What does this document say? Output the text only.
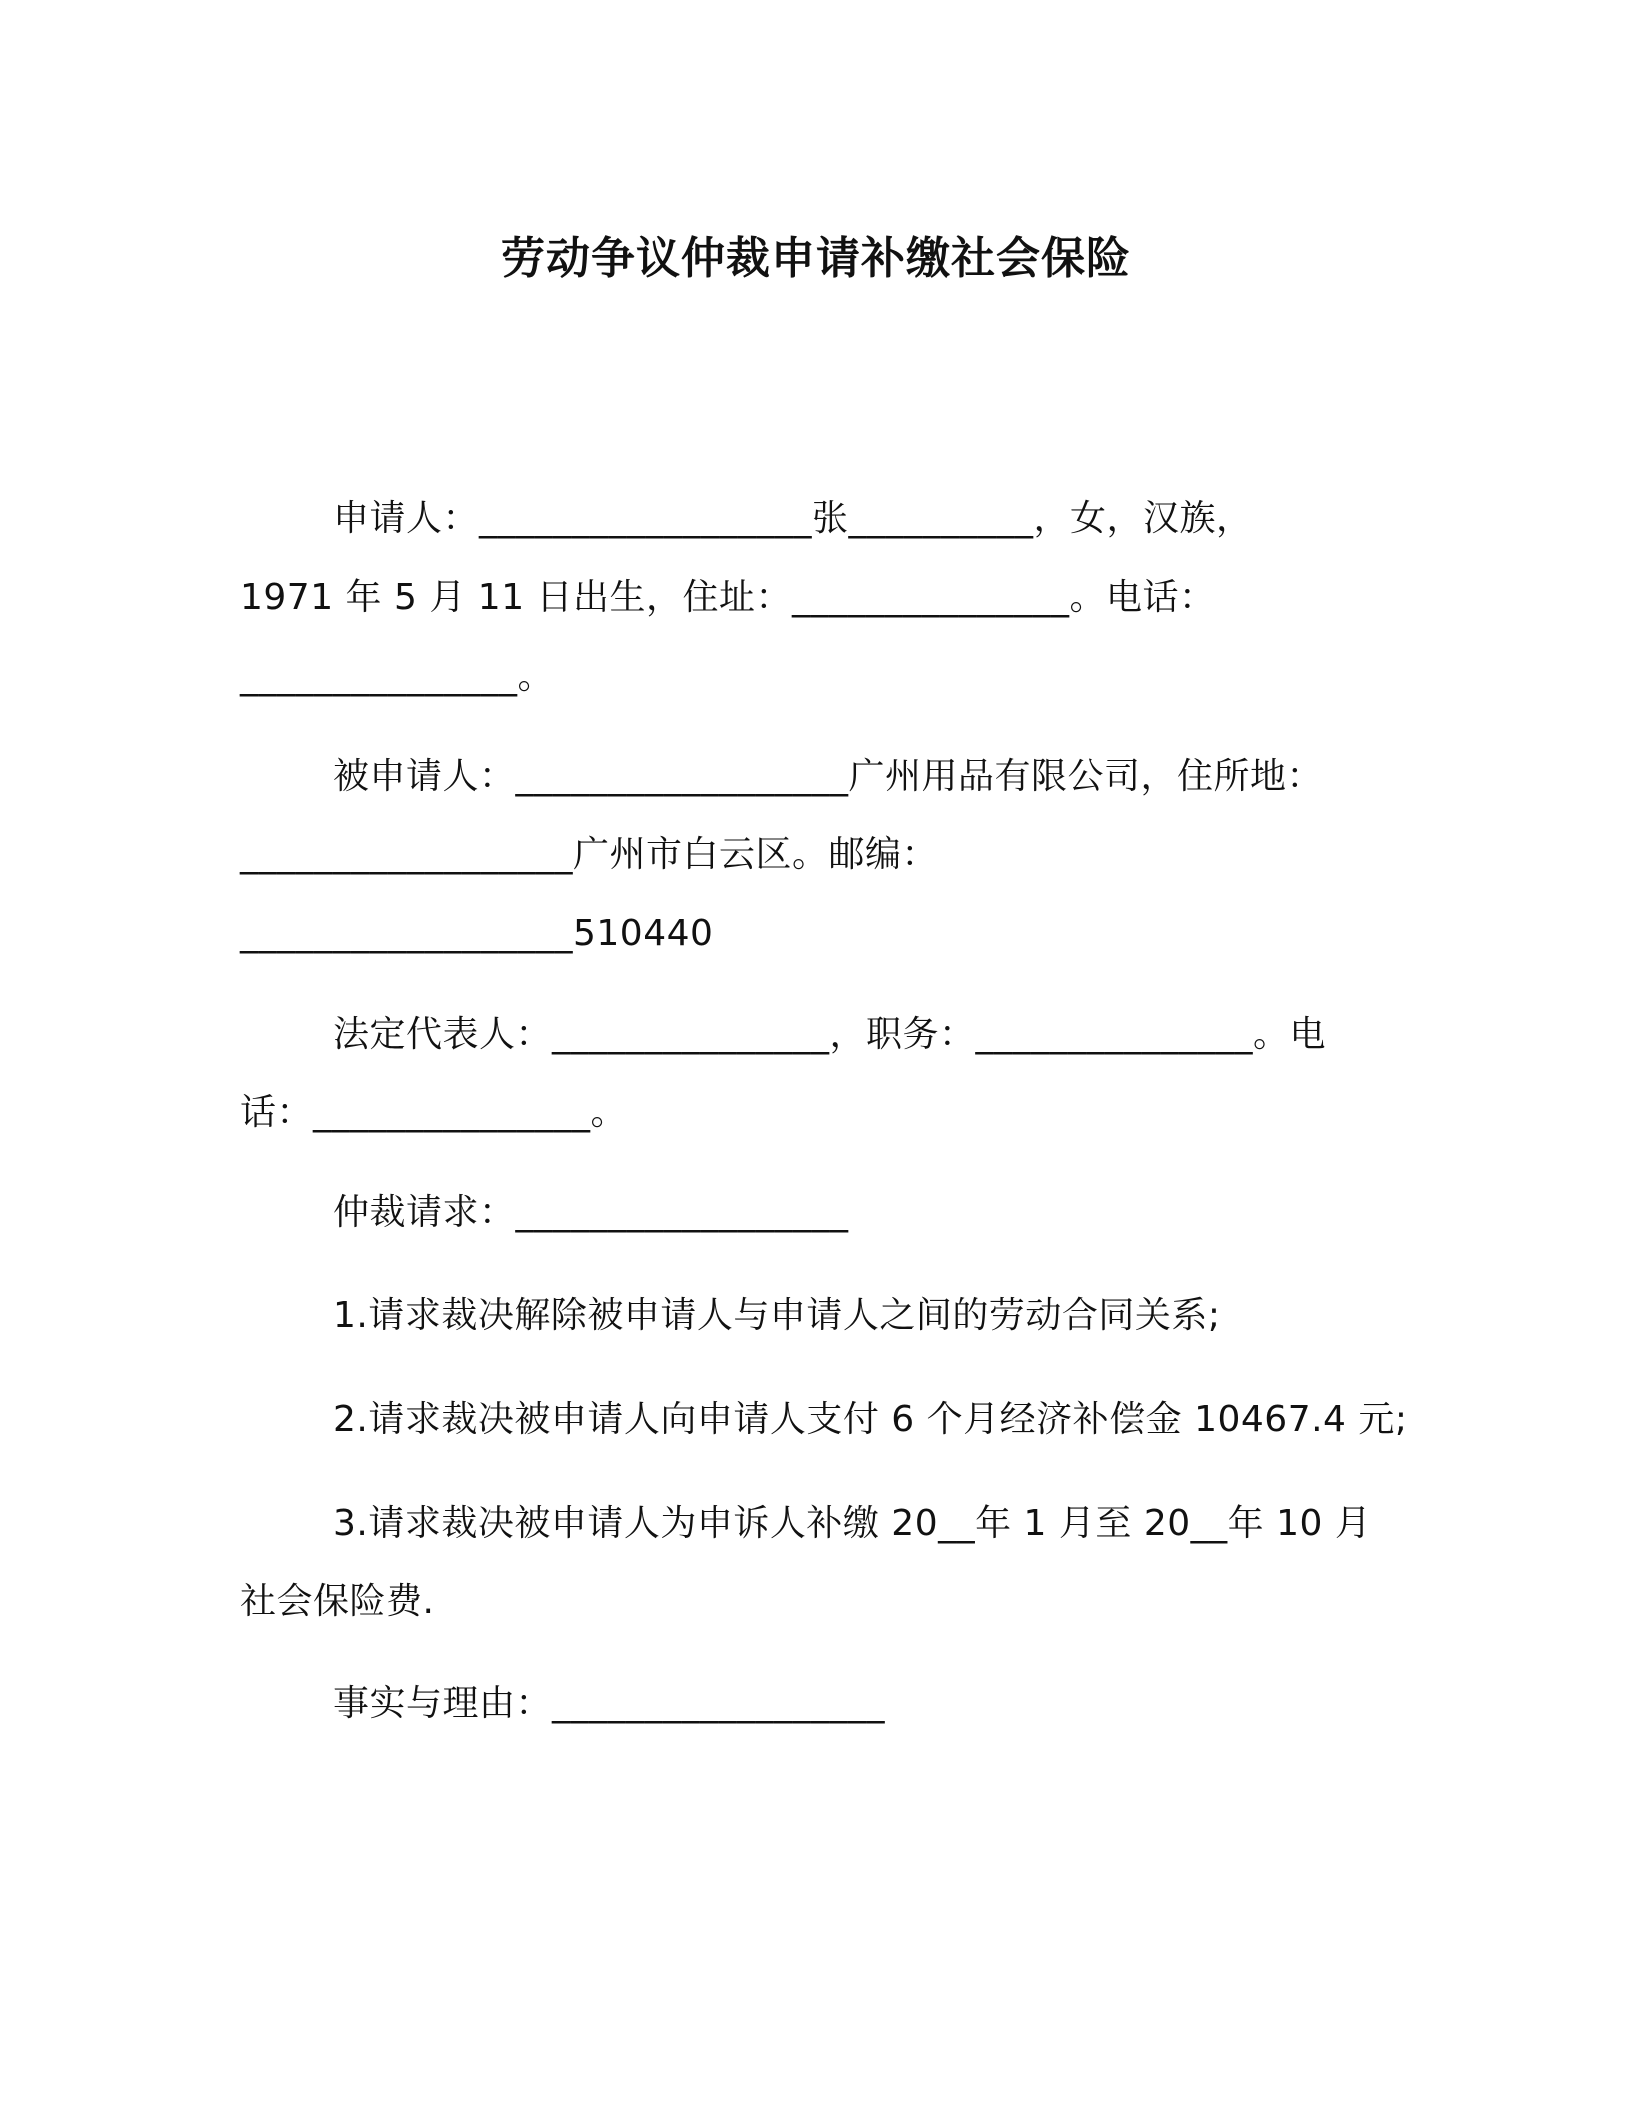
劳动争议仲裁申请补缴社会保险
申请人：__________________张__________，女，汉族，
1971 年 5 月 11 日出生，住址：_______________。电话：
_______________。
被申请人：__________________广州用品有限公司，住所地：
__________________广州市白云区。邮编：
__________________510440
法定代表人：_______________，职务：_______________。电
话：_______________。
仲裁请求：__________________
1.请求裁决解除被申请人与申请人之间的劳动合同关系;
2.请求裁决被申请人向申请人支付 6 个月经济补偿金 10467.4 元;
3.请求裁决被申请人为申诉人补缴 20__年 1 月至 20__年 10 月
社会保险费.
事实与理由：__________________
